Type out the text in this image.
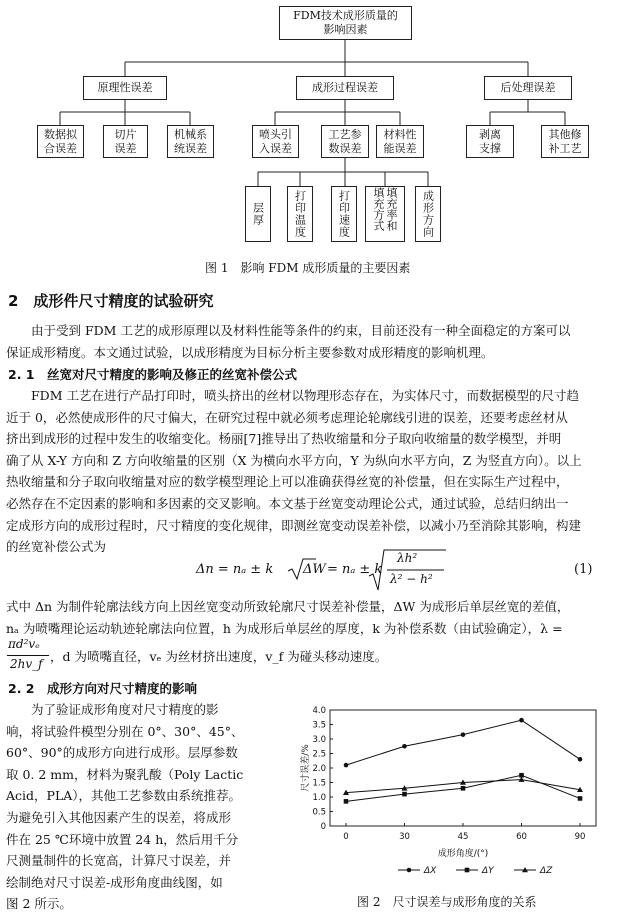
FDM技术成形质量的影响因素
原理性误差	成形过程误差	后处理误差
数据拟合误差
切片误差
机械系统误差
喷头引入误差
工艺参数误差
材料性能误差
剥离支撑
其他修补工艺
层厚	打印温度	打印速度	填充率和填充方式	成形方向
图 1　影响 FDM 成形质量的主要因素
2　成形件尺寸精度的试验研究
由于受到 FDM 工艺的成形原理以及材料性能等条件的约束，目前还没有一种全面稳定的方案可以
保证成形精度。本文通过试验，以成形精度为目标分析主要参数对成形精度的影响机理。
2. 1　丝宽对尺寸精度的影响及修正的丝宽补偿公式
FDM 工艺在进行产品打印时，喷头挤出的丝材以物理形态存在，为实体尺寸，而数据模型的尺寸趋
近于 0，必然使成形件的尺寸偏大，在研究过程中就必须考虑理论轮廓线引进的误差，还要考虑丝材从
挤出到成形的过程中发生的收缩变化。杨丽[7]推导出了热收缩量和分子取向收缩量的数学模型，并明
确了从 X-Y 方向和 Z 方向收缩量的区别（X 为横向水平方向，Y 为纵向水平方向，Z 为竖直方向）。以上
热收缩量和分子取向收缩量对应的数学模型理论上可以准确获得丝宽的补偿量，但在实际生产过程中，
必然存在不定因素的影响和多因素的交叉影响。本文基于丝宽变动理论公式，通过试验，总结归纳出一
定成形方向的成形过程时，尺寸精度的变化规律，即测丝宽变动误差补偿，以减小乃至消除其影响，构建
的丝宽补偿公式为
Δn = nₐ ± k ΔW = nₐ ± k
λh²
λ² − h²
(1)
式中 Δn 为制件轮廓法线方向上因丝宽变动所致轮廓尺寸误差补偿量，ΔW 为成形后单层丝宽的差值，
nₐ 为喷嘴理论运动轨迹轮廓法向位置，h 为成形后单层丝的厚度，k 为补偿系数（由试验确定），λ =
πd²vₑ
2hv_f ，d 为喷嘴直径，vₑ 为丝材挤出速度，v_f 为碰头移动速度。
2. 2　成形方向对尺寸精度的影响
为了验证成形角度对尺寸精度的影
响，将试验件模型分别在 0°、30°、45°、
60°、90°的成形方向进行成形。层厚参数
取 0. 2 mm，材料为聚乳酸（Poly Lactic
Acid，PLA），其他工艺参数由系统推荐。
为避免引入其他因素产生的误差，将成形
件在 25 ℃环境中放置 24 h，然后用千分
尺测量制件的长宽高，计算尺寸误差，并
绘制绝对尺寸误差-成形角度曲线图，如
图 2 所示。
0
0.5
1.0
1.5
2.0
2.5
3.0
3.5
4.0
0	30	45	60	90
尺寸误差/%
成形角度/(°)
ΔX	ΔY	ΔZ
图 2　尺寸误差与成形角度的关系
